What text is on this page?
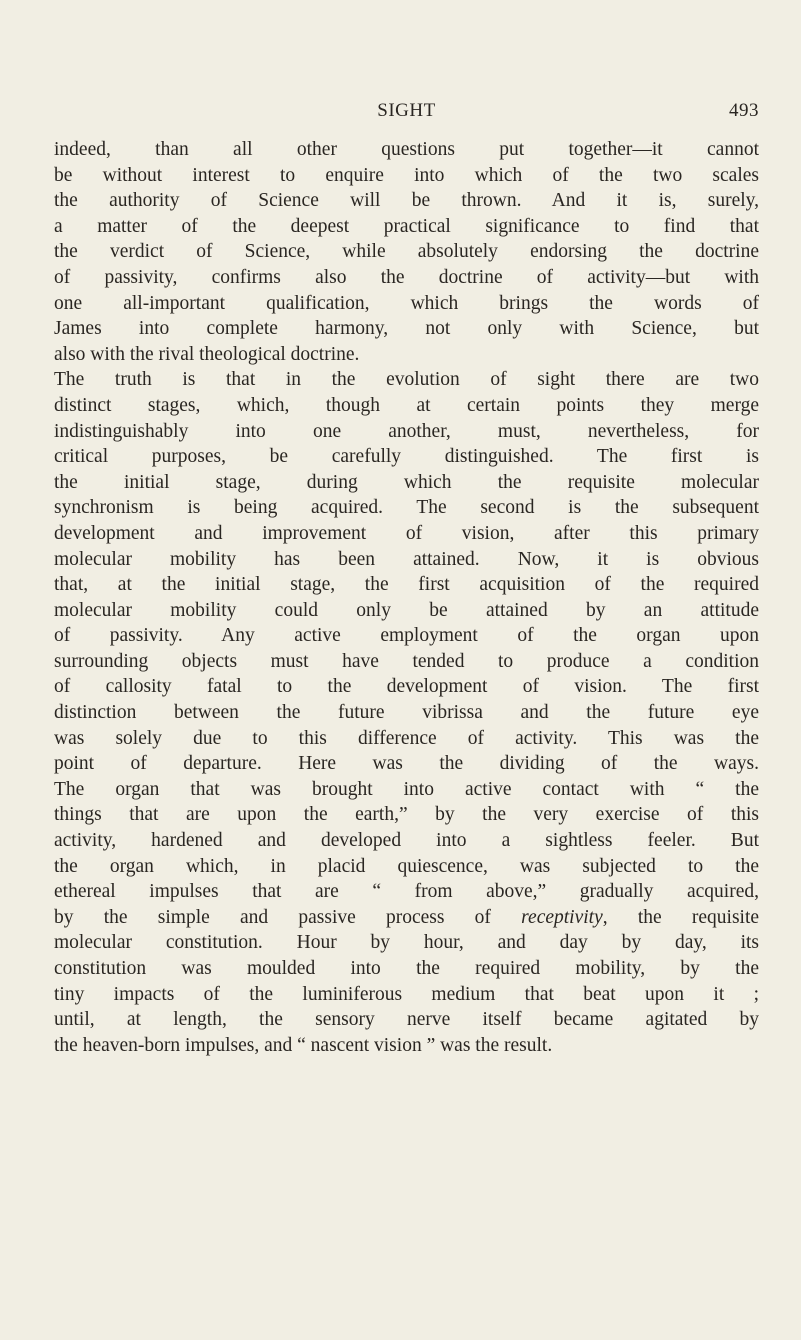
SIGHT	493
indeed, than all other questions put together—it cannot
be without interest to enquire into which of the two scales
the authority of Science will be thrown. And it is, surely,
a matter of the deepest practical significance to find that
the verdict of Science, while absolutely endorsing the doctrine
of passivity, confirms also the doctrine of activity—but with
one all-important qualification, which brings the words of
James into complete harmony, not only with Science, but
also with the rival theological doctrine.
The truth is that in the evolution of sight there are two
distinct stages, which, though at certain points they merge
indistinguishably into one another, must, nevertheless, for
critical purposes, be carefully distinguished. The first is
the initial stage, during which the requisite molecular
synchronism is being acquired. The second is the subsequent
development and improvement of vision, after this primary
molecular mobility has been attained. Now, it is obvious
that, at the initial stage, the first acquisition of the required
molecular mobility could only be attained by an attitude
of passivity. Any active employment of the organ upon
surrounding objects must have tended to produce a condition
of callosity fatal to the development of vision. The first
distinction between the future vibrissa and the future eye
was solely due to this difference of activity. This was the
point of departure. Here was the dividing of the ways.
The organ that was brought into active contact with “ the
things that are upon the earth,” by the very exercise of this
activity, hardened and developed into a sightless feeler. But
the organ which, in placid quiescence, was subjected to the
ethereal impulses that are “ from above,” gradually acquired,
by the simple and passive process of receptivity, the requisite
molecular constitution. Hour by hour, and day by day, its
constitution was moulded into the required mobility, by the
tiny impacts of the luminiferous medium that beat upon it ;
until, at length, the sensory nerve itself became agitated by
the heaven-born impulses, and “ nascent vision ” was the result.
